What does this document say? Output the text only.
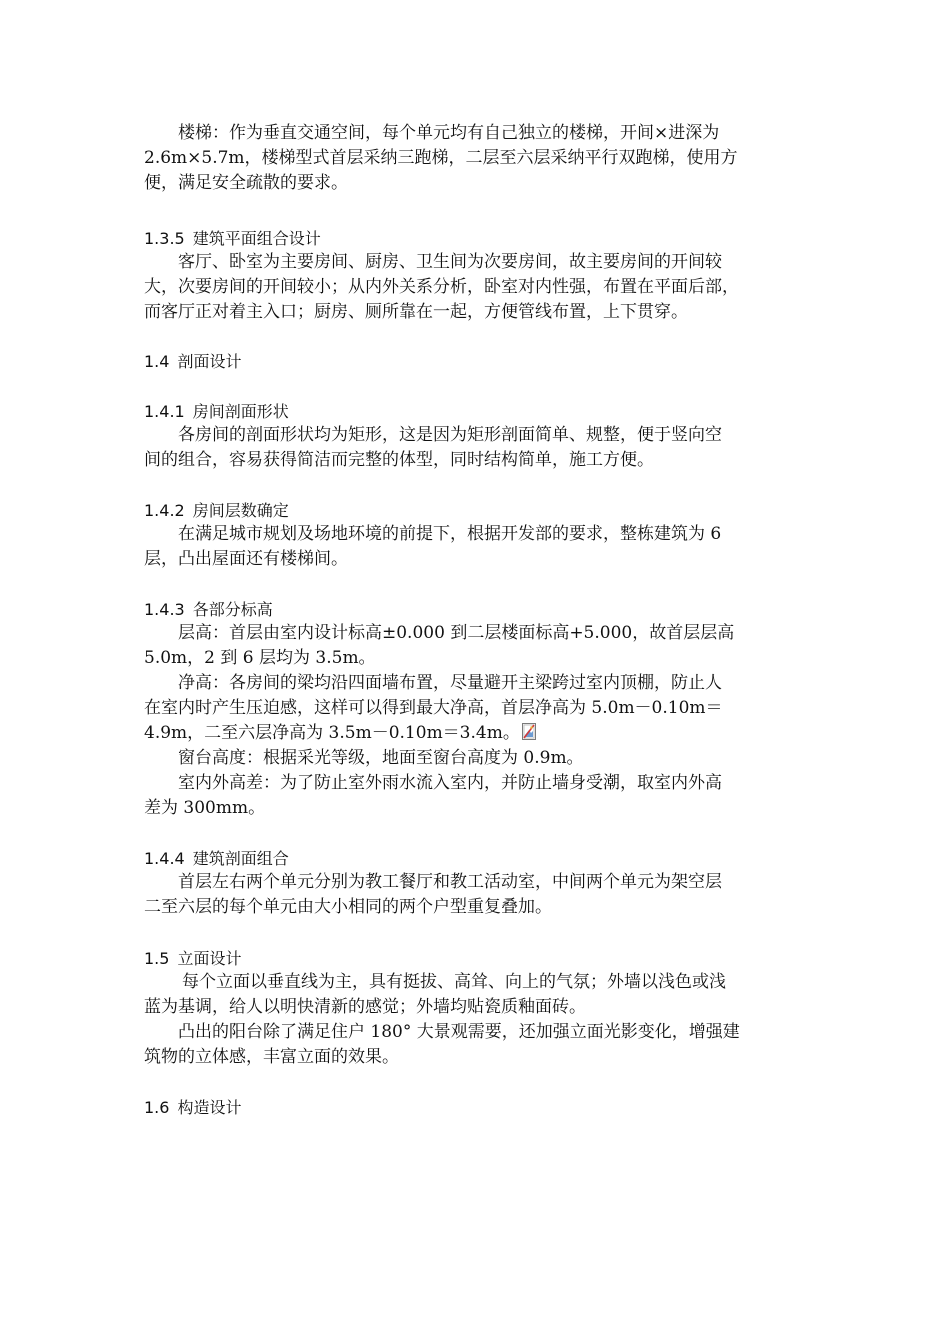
楼梯：作为垂直交通空间，每个单元均有自己独立的楼梯，开间×进深为
2.6m×5.7m，楼梯型式首层采纳三跑梯，二层至六层采纳平行双跑梯，使用方
便，满足安全疏散的要求。
1.3.5 建筑平面组合设计
客厅、卧室为主要房间、厨房、卫生间为次要房间，故主要房间的开间较
大，次要房间的开间较小；从内外关系分析，卧室对内性强，布置在平面后部，
而客厅正对着主入口；厨房、厕所靠在一起，方便管线布置，上下贯穿。
1.4 剖面设计
1.4.1 房间剖面形状
各房间的剖面形状均为矩形，这是因为矩形剖面简单、规整，便于竖向空
间的组合，容易获得简洁而完整的体型，同时结构简单，施工方便。
1.4.2 房间层数确定
在满足城市规划及场地环境的前提下，根据开发部的要求，整栋建筑为 6
层，凸出屋面还有楼梯间。
1.4.3 各部分标高
层高：首层由室内设计标高±0.000 到二层楼面标高+5.000，故首层层高
5.0m，2 到 6 层均为 3.5m。
净高：各房间的梁均沿四面墙布置，尽量避开主梁跨过室内顶棚，防止人
在室内时产生压迫感，这样可以得到最大净高，首层净高为 5.0m－0.10m＝
4.9m，二至六层净高为 3.5m－0.10m＝3.4m。
窗台高度：根据采光等级，地面至窗台高度为 0.9m。
室内外高差：为了防止室外雨水流入室内，并防止墙身受潮，取室内外高
差为 300mm。
1.4.4 建筑剖面组合
首层左右两个单元分别为教工餐厅和教工活动室，中间两个单元为架空层
二至六层的每个单元由大小相同的两个户型重复叠加。
1.5 立面设计
每个立面以垂直线为主，具有挺拔、高耸、向上的气氛；外墙以浅色或浅
蓝为基调，给人以明快清新的感觉；外墙均贴瓷质釉面砖。
凸出的阳台除了满足住户 180° 大景观需要，还加强立面光影变化，增强建
筑物的立体感，丰富立面的效果。
1.6 构造设计
